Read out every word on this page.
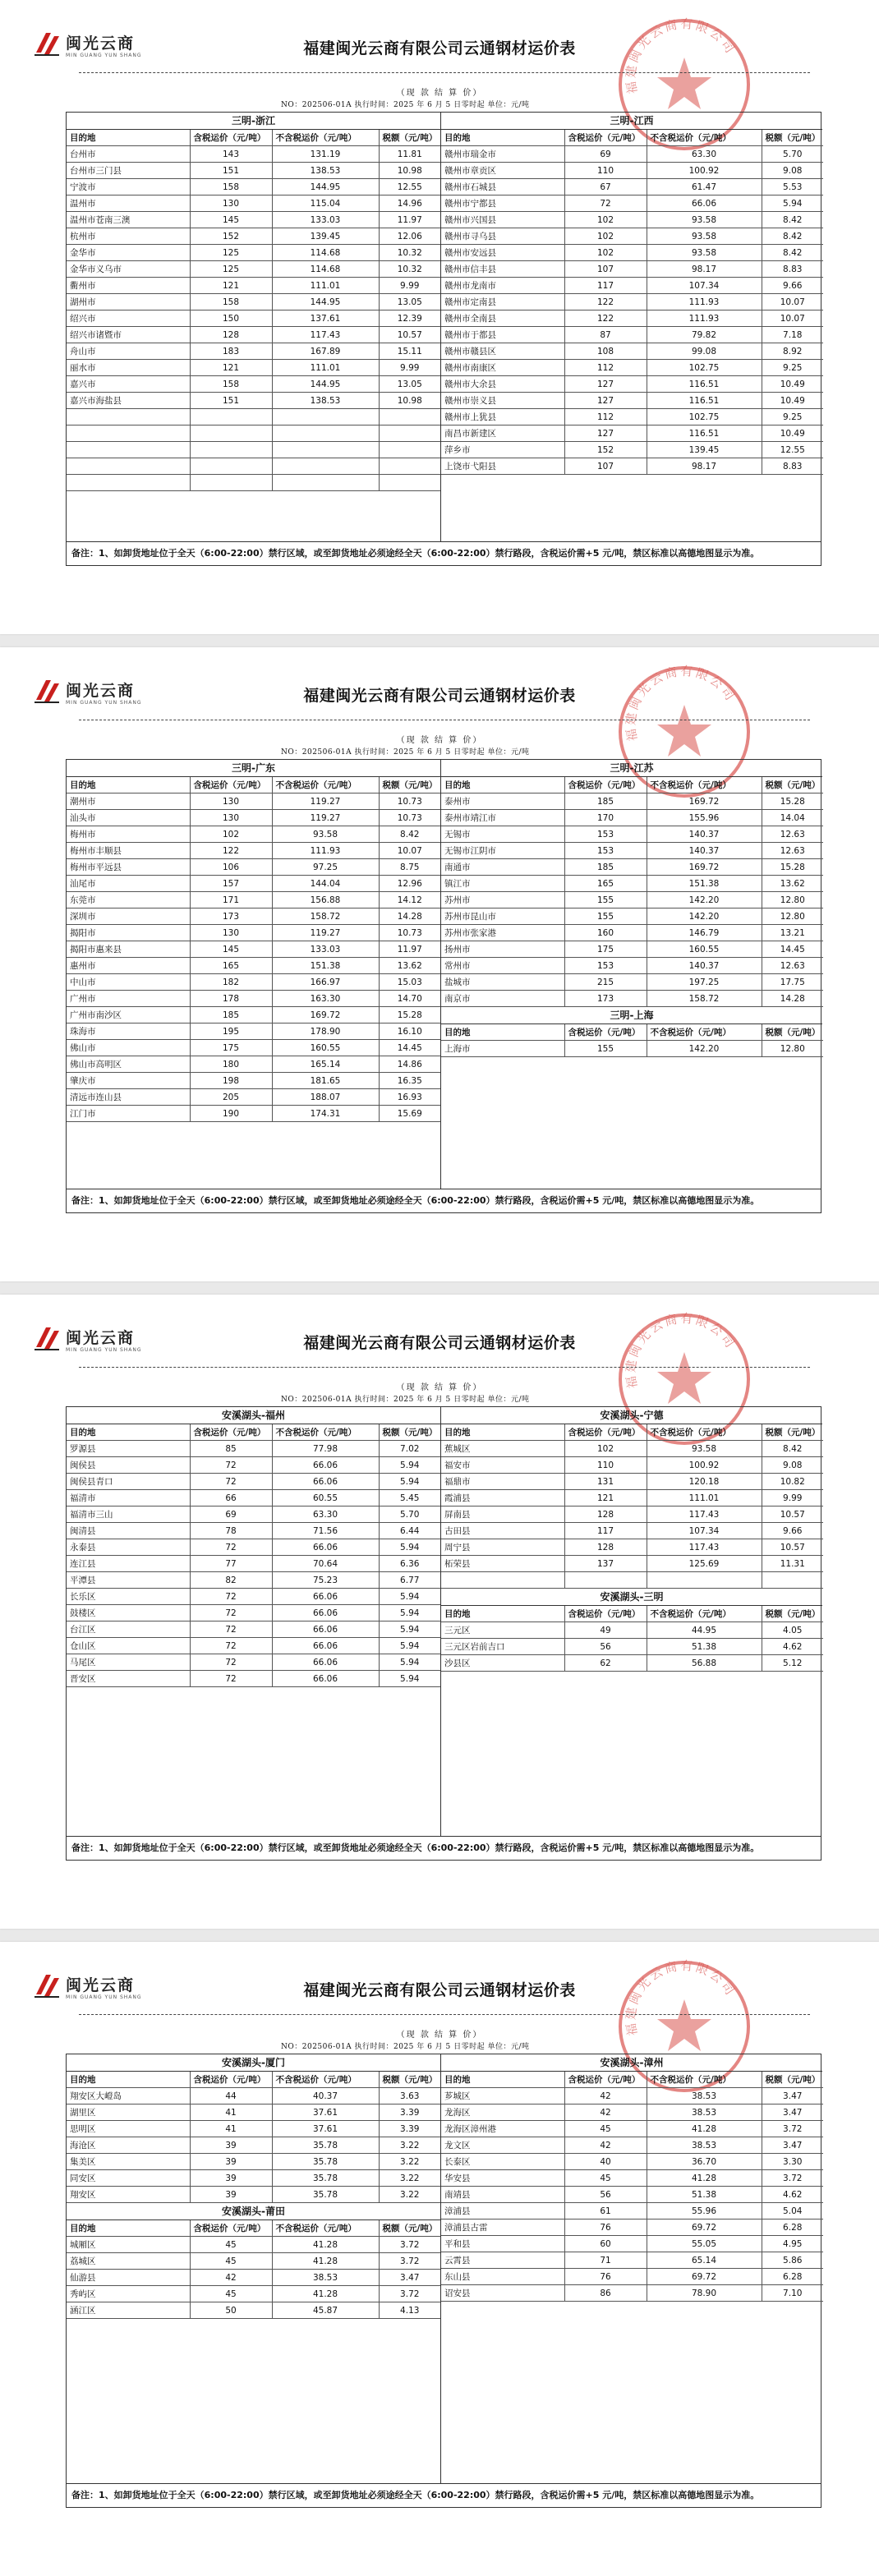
闽光云商
MIN GUANG YUN SHANG
福建闽光云商有限公司
福建闽光云商有限公司云通钢材运价表
（现 款 结 算 价）
NO：202506-01A 执行时间：2025 年 6 月 5 日零时起 单位：元/吨
三明-浙江
目的地	含税运价（元/吨）	不含税运价（元/吨）	税额（元/吨）
台州市	143	131.19	11.81
台州市三门县	151	138.53	10.98
宁波市	158	144.95	12.55
温州市	130	115.04	14.96
温州市苍南三澳	145	133.03	11.97
杭州市	152	139.45	12.06
金华市	125	114.68	10.32
金华市义乌市	125	114.68	10.32
衢州市	121	111.01	9.99
湖州市	158	144.95	13.05
绍兴市	150	137.61	12.39
绍兴市诸暨市	128	117.43	10.57
舟山市	183	167.89	15.11
丽水市	121	111.01	9.99
嘉兴市	158	144.95	13.05
嘉兴市海盐县	151	138.53	10.98

三明-江西
目的地	含税运价（元/吨）	不含税运价（元/吨）	税额（元/吨）
赣州市瑞金市	69	63.30	5.70
赣州市章贡区	110	100.92	9.08
赣州市石城县	67	61.47	5.53
赣州市宁都县	72	66.06	5.94
赣州市兴国县	102	93.58	8.42
赣州市寻乌县	102	93.58	8.42
赣州市安远县	102	93.58	8.42
赣州市信丰县	107	98.17	8.83
赣州市龙南市	117	107.34	9.66
赣州市定南县	122	111.93	10.07
赣州市全南县	122	111.93	10.07
赣州市于都县	87	79.82	7.18
赣州市赣县区	108	99.08	8.92
赣州市南康区	112	102.75	9.25
赣州市大余县	127	116.51	10.49
赣州市崇义县	127	116.51	10.49
赣州市上犹县	112	102.75	9.25
南昌市新建区	127	116.51	10.49
萍乡市	152	139.45	12.55
上饶市弋阳县	107	98.17	8.83
备注：1、如卸货地址位于全天（6:00-22:00）禁行区域，或至卸货地址必须途经全天（6:00-22:00）禁行路段，含税运价需+5 元/吨，禁区标准以高德地图显示为准。
闽光云商
MIN GUANG YUN SHANG
福建闽光云商有限公司
福建闽光云商有限公司云通钢材运价表
（现 款 结 算 价）
NO：202506-01A 执行时间：2025 年 6 月 5 日零时起 单位：元/吨
三明-广东
目的地	含税运价（元/吨）	不含税运价（元/吨）	税额（元/吨）
潮州市	130	119.27	10.73
汕头市	130	119.27	10.73
梅州市	102	93.58	8.42
梅州市丰顺县	122	111.93	10.07
梅州市平远县	106	97.25	8.75
汕尾市	157	144.04	12.96
东莞市	171	156.88	14.12
深圳市	173	158.72	14.28
揭阳市	130	119.27	10.73
揭阳市惠来县	145	133.03	11.97
惠州市	165	151.38	13.62
中山市	182	166.97	15.03
广州市	178	163.30	14.70
广州市南沙区	185	169.72	15.28
珠海市	195	178.90	16.10
佛山市	175	160.55	14.45
佛山市高明区	180	165.14	14.86
肇庆市	198	181.65	16.35
清远市连山县	205	188.07	16.93
江门市	190	174.31	15.69
三明-江苏
目的地	含税运价（元/吨）	不含税运价（元/吨）	税额（元/吨）
泰州市	185	169.72	15.28
泰州市靖江市	170	155.96	14.04
无锡市	153	140.37	12.63
无锡市江阴市	153	140.37	12.63
南通市	185	169.72	15.28
镇江市	165	151.38	13.62
苏州市	155	142.20	12.80
苏州市昆山市	155	142.20	12.80
苏州市张家港	160	146.79	13.21
扬州市	175	160.55	14.45
常州市	153	140.37	12.63
盐城市	215	197.25	17.75
南京市	173	158.72	14.28
三明-上海
目的地	含税运价（元/吨）	不含税运价（元/吨）	税额（元/吨）
上海市	155	142.20	12.80
备注：1、如卸货地址位于全天（6:00-22:00）禁行区域，或至卸货地址必须途经全天（6:00-22:00）禁行路段，含税运价需+5 元/吨，禁区标准以高德地图显示为准。
闽光云商
MIN GUANG YUN SHANG
福建闽光云商有限公司
福建闽光云商有限公司云通钢材运价表
（现 款 结 算 价）
NO：202506-01A 执行时间：2025 年 6 月 5 日零时起 单位：元/吨
安溪湖头-福州
目的地	含税运价（元/吨）	不含税运价（元/吨）	税额（元/吨）
罗源县	85	77.98	7.02
闽侯县	72	66.06	5.94
闽侯县青口	72	66.06	5.94
福清市	66	60.55	5.45
福清市三山	69	63.30	5.70
闽清县	78	71.56	6.44
永泰县	72	66.06	5.94
连江县	77	70.64	6.36
平潭县	82	75.23	6.77
长乐区	72	66.06	5.94
鼓楼区	72	66.06	5.94
台江区	72	66.06	5.94
仓山区	72	66.06	5.94
马尾区	72	66.06	5.94
晋安区	72	66.06	5.94
安溪湖头-宁德
目的地	含税运价（元/吨）	不含税运价（元/吨）	税额（元/吨）
蕉城区	102	93.58	8.42
福安市	110	100.92	9.08
福鼎市	131	120.18	10.82
霞浦县	121	111.01	9.99
屏南县	128	117.43	10.57
古田县	117	107.34	9.66
周宁县	128	117.43	10.57
柘荣县	137	125.69	11.31

安溪湖头-三明
目的地	含税运价（元/吨）	不含税运价（元/吨）	税额（元/吨）
三元区	49	44.95	4.05
三元区岩前吉口	56	51.38	4.62
沙县区	62	56.88	5.12
备注：1、如卸货地址位于全天（6:00-22:00）禁行区域，或至卸货地址必须途经全天（6:00-22:00）禁行路段，含税运价需+5 元/吨，禁区标准以高德地图显示为准。
闽光云商
MIN GUANG YUN SHANG
福建闽光云商有限公司
福建闽光云商有限公司云通钢材运价表
（现 款 结 算 价）
NO：202506-01A 执行时间：2025 年 6 月 5 日零时起 单位：元/吨
安溪湖头-厦门
目的地	含税运价（元/吨）	不含税运价（元/吨）	税额（元/吨）
翔安区大嶝岛	44	40.37	3.63
湖里区	41	37.61	3.39
思明区	41	37.61	3.39
海沧区	39	35.78	3.22
集美区	39	35.78	3.22
同安区	39	35.78	3.22
翔安区	39	35.78	3.22
安溪湖头-莆田
目的地	含税运价（元/吨）	不含税运价（元/吨）	税额（元/吨）
城厢区	45	41.28	3.72
荔城区	45	41.28	3.72
仙游县	42	38.53	3.47
秀屿区	45	41.28	3.72
涵江区	50	45.87	4.13
安溪湖头-漳州
目的地	含税运价（元/吨）	不含税运价（元/吨）	税额（元/吨）
芗城区	42	38.53	3.47
龙海区	42	38.53	3.47
龙海区漳州港	45	41.28	3.72
龙文区	42	38.53	3.47
长泰区	40	36.70	3.30
华安县	45	41.28	3.72
南靖县	56	51.38	4.62
漳浦县	61	55.96	5.04
漳浦县古雷	76	69.72	6.28
平和县	60	55.05	4.95
云霄县	71	65.14	5.86
东山县	76	69.72	6.28
诏安县	86	78.90	7.10
备注：1、如卸货地址位于全天（6:00-22:00）禁行区域，或至卸货地址必须途经全天（6:00-22:00）禁行路段，含税运价需+5 元/吨，禁区标准以高德地图显示为准。
